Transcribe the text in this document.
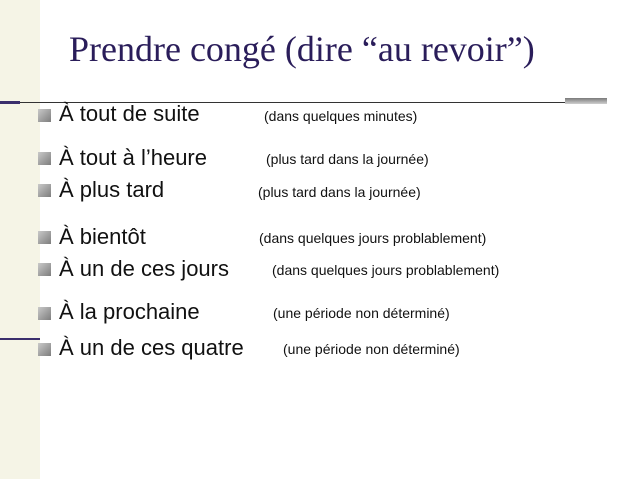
Prendre congé (dire “au revoir”)
À tout de suite	(dans quelques minutes)
À tout à l’heure	(plus tard dans la journée)
À plus tard	(plus tard dans la journée)
À bientôt	(dans quelques jours problablement)
À un de ces jours	(dans quelques jours problablement)
À la prochaine	(une période non déterminé)
À un de ces quatre	(une période non déterminé)
